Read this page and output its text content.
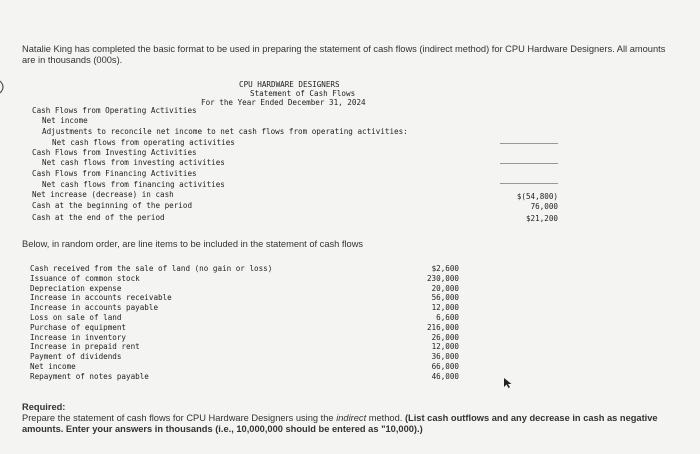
Natalie King has completed the basic format to be used in preparing the statement of cash flows (indirect method) for CPU Hardware Designers. All amounts are in thousands (000s).
CPU HARDWARE DESIGNERS
Statement of Cash Flows
For the Year Ended December 31, 2024
Cash Flows from Operating Activities
Net income
Adjustments to reconcile net income to net cash flows from operating activities:
Net cash flows from operating activities
Cash Flows from Investing Activities
Net cash flows from investing activities
Cash Flows from Financing Activities
Net cash flows from financing activities
Net increase (decrease) in cash
Cash at the beginning of the period
Cash at the end of the period
$(54,800)
76,000
$21,200
Below, in random order, are line items to be included in the statement of cash flows
Cash received from the sale of land (no gain or loss)
Issuance of common stock
Depreciation expense
Increase in accounts receivable
Increase in accounts payable
Loss on sale of land
Purchase of equipment
Increase in inventory
Increase in prepaid rent
Payment of dividends
Net income
Repayment of notes payable
$2,600
230,000
20,000
56,000
12,000
6,600
216,000
26,000
12,000
36,000
66,000
46,000
Required:
Prepare the statement of cash flows for CPU Hardware Designers using the indirect method. (List cash outflows and any decrease in cash as negative amounts. Enter your answers in thousands (i.e., 10,000,000 should be entered as "10,000).)
